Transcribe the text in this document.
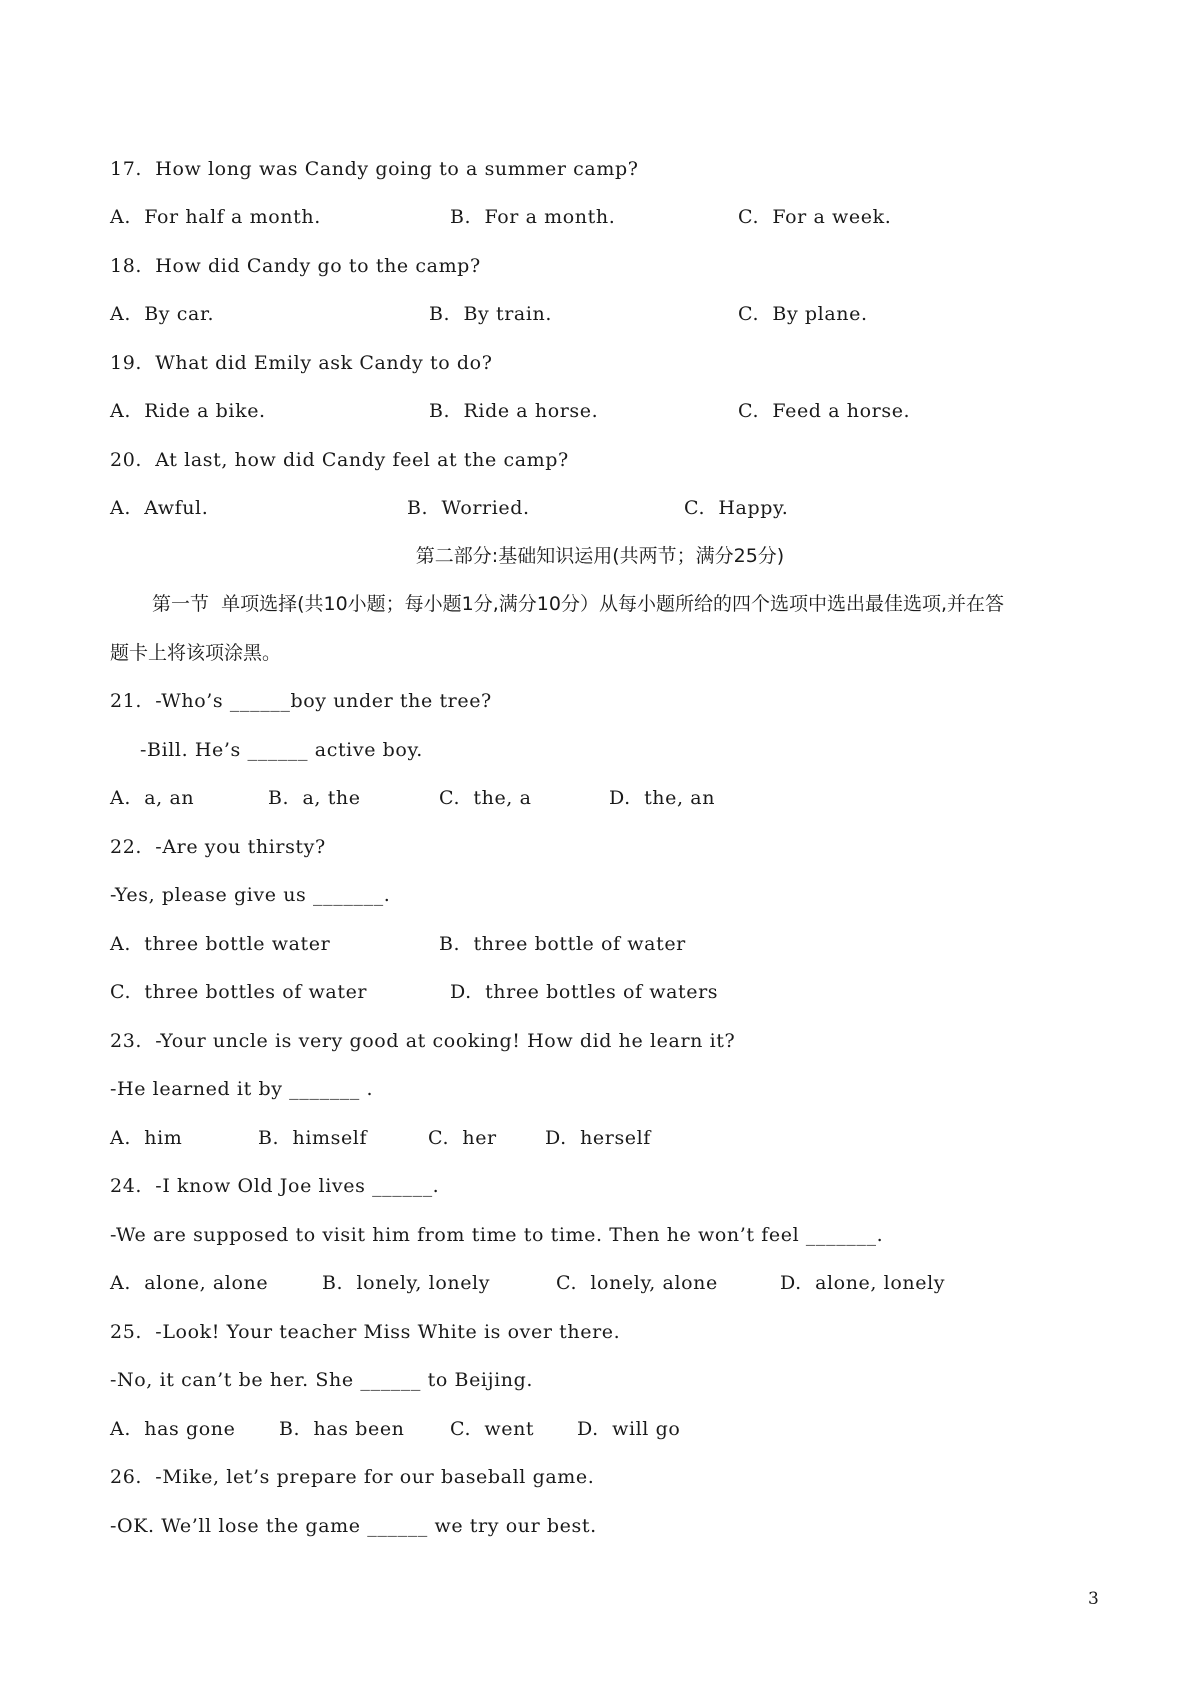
17.  How long was Candy going to a summer camp?
A.  For half a month.	B.  For a month.	C.  For a week.
18.  How did Candy go to the camp?
A.  By car.	B.  By train.	C.  By plane.
19.  What did Emily ask Candy to do?
A.  Ride a bike.	B.  Ride a horse.	C.  Feed a horse.
20.  At last, how did Candy feel at the camp?
A.  Awful.	B.  Worried.	C.  Happy.
第二部分:基础知识运用(共两节；满分25分)
第一节  单项选择(共10小题；每小题1分,满分10分）从每小题所给的四个选项中选出最佳选项,并在答
题卡上将该项涂黑。
21.  -Who’s ______boy under the tree?
-Bill. He’s ______ active boy.
A.  a, an	B.  a, the	C.  the, a	D.  the, an
22.  -Are you thirsty?
-Yes, please give us _______.
A.  three bottle water	B.  three bottle of water
C.  three bottles of water	D.  three bottles of waters
23.  -Your uncle is very good at cooking! How did he learn it?
-He learned it by _______ .
A.  him	B.  himself	C.  her	D.  herself
24.  -I know Old Joe lives ______.
-We are supposed to visit him from time to time. Then he won’t feel _______.
A.  alone, alone	B.  lonely, lonely	C.  lonely, alone	D.  alone, lonely
25.  -Look! Your teacher Miss White is over there.
-No, it can’t be her. She ______ to Beijing.
A.  has gone B.  has been C.  went D.  will go
26.  -Mike, let’s prepare for our baseball game.
-OK. We’ll lose the game ______ we try our best.
3
